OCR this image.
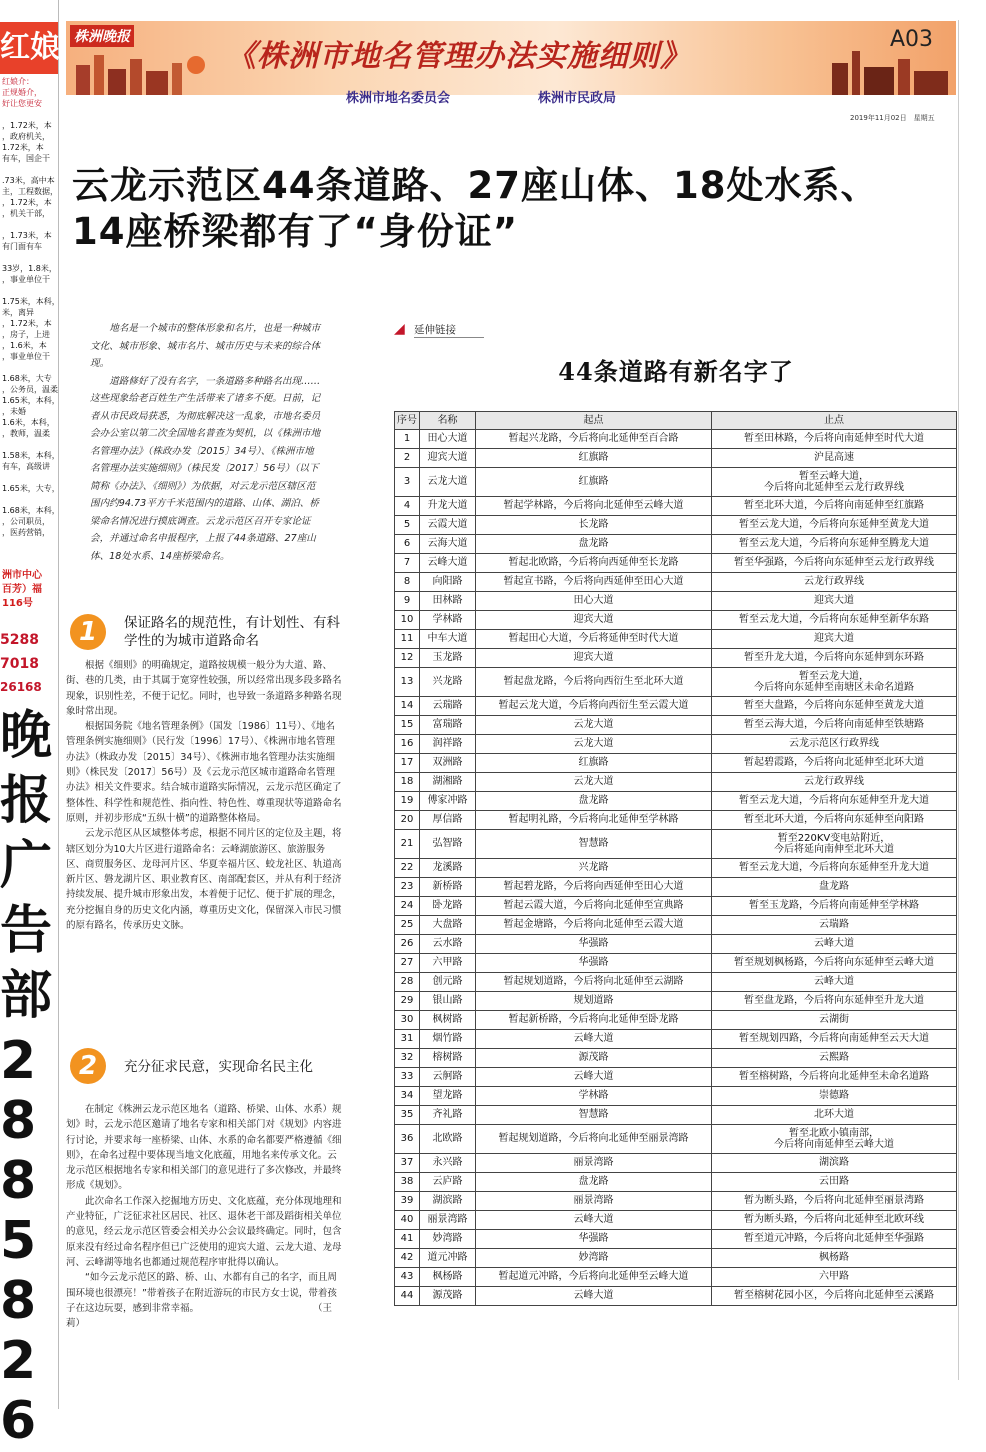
红娘
红娘介：
正规婚介，
好让您更安
，1.72米，本
，政府机关，
1.72米，本
有车，国企干
.73米，高中本
主，工程数据，
，1.72米，本
，机关干部，
，1.73米，本
有门面有车
33岁，1.8米，
，事业单位干
1.75米，本科，
米，离异
，1.72米，本
，房子，上进
，1.6米，本
，事业单位干
1.68米，大专
，公务员，温柔
1.65米，本科，
，未婚
1.6米，本科，
，教师，温柔
1.58米，本科，
有车，高级讲
1.65米，大专，
1.68米，本科，
，公司职员，
，医药营销，
洲市中心
百芳）福
116号
5288
7018
26168
晚
报
广
告
部
2
8
8
5
8
2
6
株洲晚报
《株洲市地名管理办法实施细则》
株洲市地名委员会	株洲市民政局
A03
2019年11月02日　星期五
云龙示范区44条道路、27座山体、18处水系、
14座桥梁都有了“身份证”

地名是一个城市的整体形象和名片，也是一种城市文化、城市形象、城市名片、城市历史与未来的综合体现。

道路修好了没有名字，一条道路多种路名出现……这些现象给老百姓生产生活带来了诸多不便。日前，记者从市民政局获悉，为彻底解决这一乱象，市地名委员会办公室以第二次全国地名普查为契机，以《株洲市地名管理办法》（株政办发〔2015〕34号）、《株洲市地名管理办法实施细则》（株民发〔2017〕56号）（以下简称《办法》、《细则》）为依据，对云龙示范区辖区范围内约94.73平方千米范围内的道路、山体、湖泊、桥梁命名情况进行摸底调查。云龙示范区召开专家论证会，并通过命名申报程序，上报了44条道路、27座山体、18处水系、14座桥梁命名。

1	保证路名的规范性，有计划性、有科学性的为城市道路命名

根据《细则》的明确规定，道路按规模一般分为大道、路、街、巷的几类，由于其属于宽穿性较强，所以经常出现多段多路名现象，识别性差，不便于记忆。同时，也导致一条道路多种路名现象时常出现。

根据国务院《地名管理条例》（国发〔1986〕11号）、《地名管理条例实施细则》（民行发〔1996〕17号）、《株洲市地名管理办法》（株政办发〔2015〕34号）、《株洲市地名管理办法实施细则》（株民发〔2017〕56号）及《云龙示范区城市道路命名管理办法》相关文件要求。结合城市道路实际情况，云龙示范区确定了整体性、科学性和规范性、指向性、特色性、尊重现状等道路命名原则，并初步形成“五纵十横”的道路整体格局。

云龙示范区从区域整体考虑，根据不同片区的定位及主题，将辖区划分为10大片区进行道路命名：云峰湖旅游区、旅游服务区、商贸服务区、龙母河片区、华夏幸福片区、蛟龙社区、轨道高新片区、磐龙湖片区、职业教育区、南部配套区，并从有利于经济持续发展、提升城市形象出发，本着便于记忆、便于扩展的理念，充分挖掘自身的历史文化内涵，尊重历史文化，保留深入市民习惯的原有路名，传承历史文脉。

2	充分征求民意，实现命名民主化

在制定《株洲云龙示范区地名（道路、桥梁、山体、水系）规划》时，云龙示范区邀请了地名专家和相关部门对《规划》内容进行讨论，并要求每一座桥梁、山体、水系的命名都要严格遵循《细则》，在命名过程中要体现当地文化底蕴，用地名来传承文化。云龙示范区根据地名专家和相关部门的意见进行了多次修改，并最终形成《规划》。

此次命名工作深入挖掘地方历史、文化底蕴，充分体现地理和产业特征，广泛征求社区居民、社区、退休老干部及蹈街相关单位的意见，经云龙示范区管委会相关办公会议最终确定。同时，包含原来没有经过命名程序但已广泛使用的迎宾大道、云龙大道、龙母河、云峰湖等地名也都通过规范程序审批得以确认。

“如今云龙示范区的路、桥、山、水都有自己的名字，而且周围环境也很漂亮！”带着孩子在附近游玩的市民方女士说，带着孩子在这边玩耍，感到非常幸福。　　　　　　　　　　　　　（王莉）

◢ 延伸链接
44条道路有新名字了
序号	名称	起点	止点
1	田心大道	暂起兴龙路，今后将向北延伸至百合路	暂至田林路，今后将向南延伸至时代大道
2	迎宾大道	红旗路	沪昆高速
3	云龙大道	红旗路	暂至云峰大道，
今后将向北延伸至云龙行政界线
4	升龙大道	暂起学林路，今后将向北延伸至云峰大道	暂至北环大道，今后将向南延伸至红旗路
5	云霞大道	长龙路	暂至云龙大道，今后将向东延伸至黄龙大道
6	云海大道	盘龙路	暂至云龙大道，今后将向东延伸至腾龙大道
7	云峰大道	暂起北欧路，今后将向西延伸至长龙路	暂至华强路，今后将向东延伸至云龙行政界线
8	向阳路	暂起宣书路，今后将向西延伸至田心大道	云龙行政界线
9	田林路	田心大道	迎宾大道
10	学林路	迎宾大道	暂至云龙大道，今后将向东延伸至新华东路
11	中车大道	暂起田心大道，今后将延伸至时代大道	迎宾大道
12	玉龙路	迎宾大道	暂至升龙大道，今后将向东延伸到东环路
13	兴龙路	暂起盘龙路，今后将向西衍生至北环大道	暂至云龙大道，
今后将向东延伸至南塘区未命名道路
14	云瑞路	暂起云龙大道，今后将向西衍生至云霞大道	暂至大盘路，今后将向东延伸至黄龙大道
15	富瑞路	云龙大道	暂至云海大道，今后将向南延伸至铁塘路
16	润祥路	云龙大道	云龙示范区行政界线
17	双洲路	红旗路	暂起碧霞路，今后将向北延伸至北环大道
18	湖湘路	云龙大道	云龙行政界线
19	傅家冲路	盘龙路	暂至云龙大道，今后将向东延伸至升龙大道
20	厚信路	暂起明礼路，今后将向北延伸至学林路	暂至北环大道，今后将向东延伸至向阳路
21	弘智路	智慧路	暂至220KV变电站附近，
今后将延向南伸至北环大道
22	龙溪路	兴龙路	暂至云龙大道，今后将向东延伸至升龙大道
23	新桥路	暂起碧龙路，今后将向西延伸至田心大道	盘龙路
24	卧龙路	暂起云霞大道，今后将向北延伸至宣典路	暂至玉龙路，今后将向南延伸至学林路
25	大盘路	暂起金塘路，今后将向北延伸至云霞大道	云瑞路
26	云水路	华强路	云峰大道
27	六甲路	华强路	暂至规划枫杨路，今后将向东延伸至云峰大道
28	创元路	暂起规划道路，今后将向北延伸至云湖路	云峰大道
29	银山路	规划道路	暂至盘龙路，今后将向东延伸至升龙大道
30	枫树路	暂起新桥路，今后将向北延伸至卧龙路	云湖街
31	烟竹路	云峰大道	暂至规划四路，今后将向南延伸至云天大道
32	榕树路	源茂路	云熙路
33	云舸路	云峰大道	暂至榕树路，今后将向北延伸至未命名道路
34	望龙路	学林路	崇德路
35	齐礼路	智慧路	北环大道
36	北欧路	暂起规划道路，今后将向北延伸至丽景湾路	暂至北欧小镇南部，
今后将向南延伸至云峰大道
37	永兴路	丽景湾路	湖滨路
38	云庐路	盘龙路	云田路
39	湖滨路	丽景湾路	暂为断头路，今后将向北延伸至丽景湾路
40	丽景湾路	云峰大道	暂为断头路，今后将向北延伸至北欧环线
41	妙湾路	华强路	暂至道元冲路，今后将向北延伸至华强路
42	道元冲路	妙湾路	枫杨路
43	枫杨路	暂起道元冲路，今后将向北延伸至云峰大道	六甲路
44	源茂路	云峰大道	暂至榕树花园小区，今后将向北延伸至云溪路
